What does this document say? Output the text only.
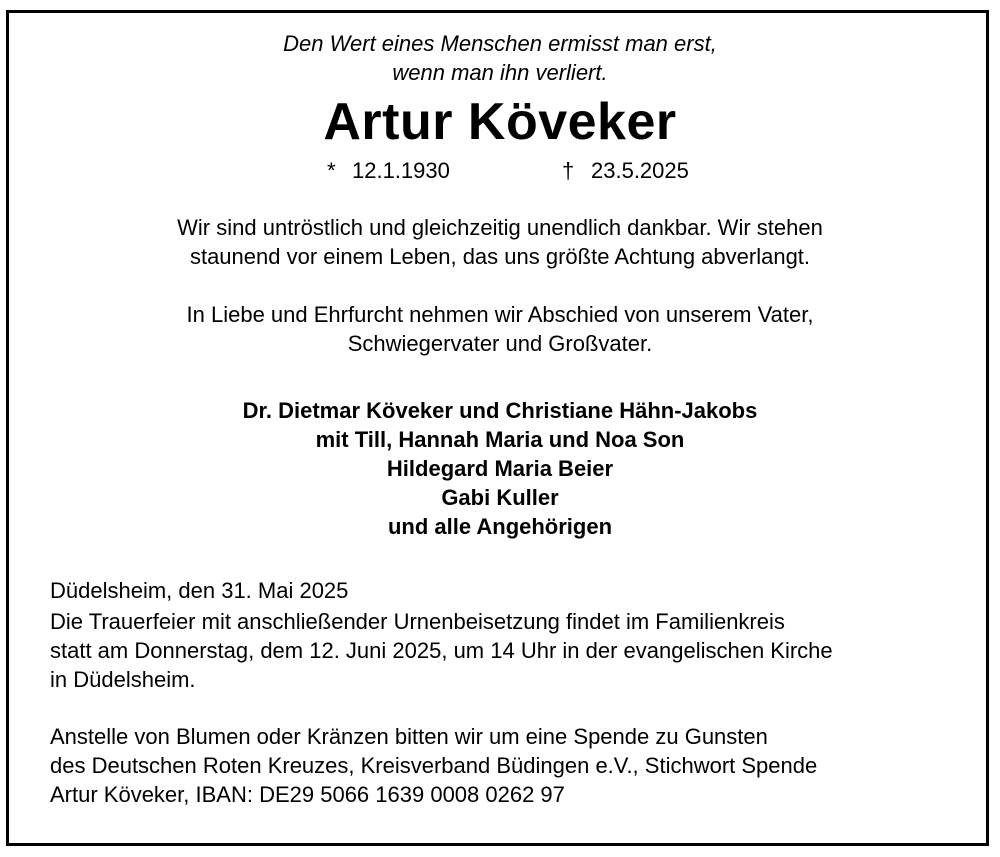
Den Wert eines Menschen ermisst man erst,
wenn man ihn verliert.
Artur Köveker
* 12.1.1930	† 23.5.2025
Wir sind untröstlich und gleichzeitig unendlich dankbar. Wir stehen
staunend vor einem Leben, das uns größte Achtung abverlangt.
In Liebe und Ehrfurcht nehmen wir Abschied von unserem Vater,
Schwiegervater und Großvater.
Dr. Dietmar Köveker und Christiane Hähn-Jakobs
mit Till, Hannah Maria und Noa Son
Hildegard Maria Beier
Gabi Kuller
und alle Angehörigen
Düdelsheim, den 31. Mai 2025
Die Trauerfeier mit anschließender Urnenbeisetzung findet im Familienkreis
statt am Donnerstag, dem 12. Juni 2025, um 14 Uhr in der evangelischen Kirche
in Düdelsheim.
Anstelle von Blumen oder Kränzen bitten wir um eine Spende zu Gunsten
des Deutschen Roten Kreuzes, Kreisverband Büdingen e.V., Stichwort Spende
Artur Köveker, IBAN: DE29 5066 1639 0008 0262 97
